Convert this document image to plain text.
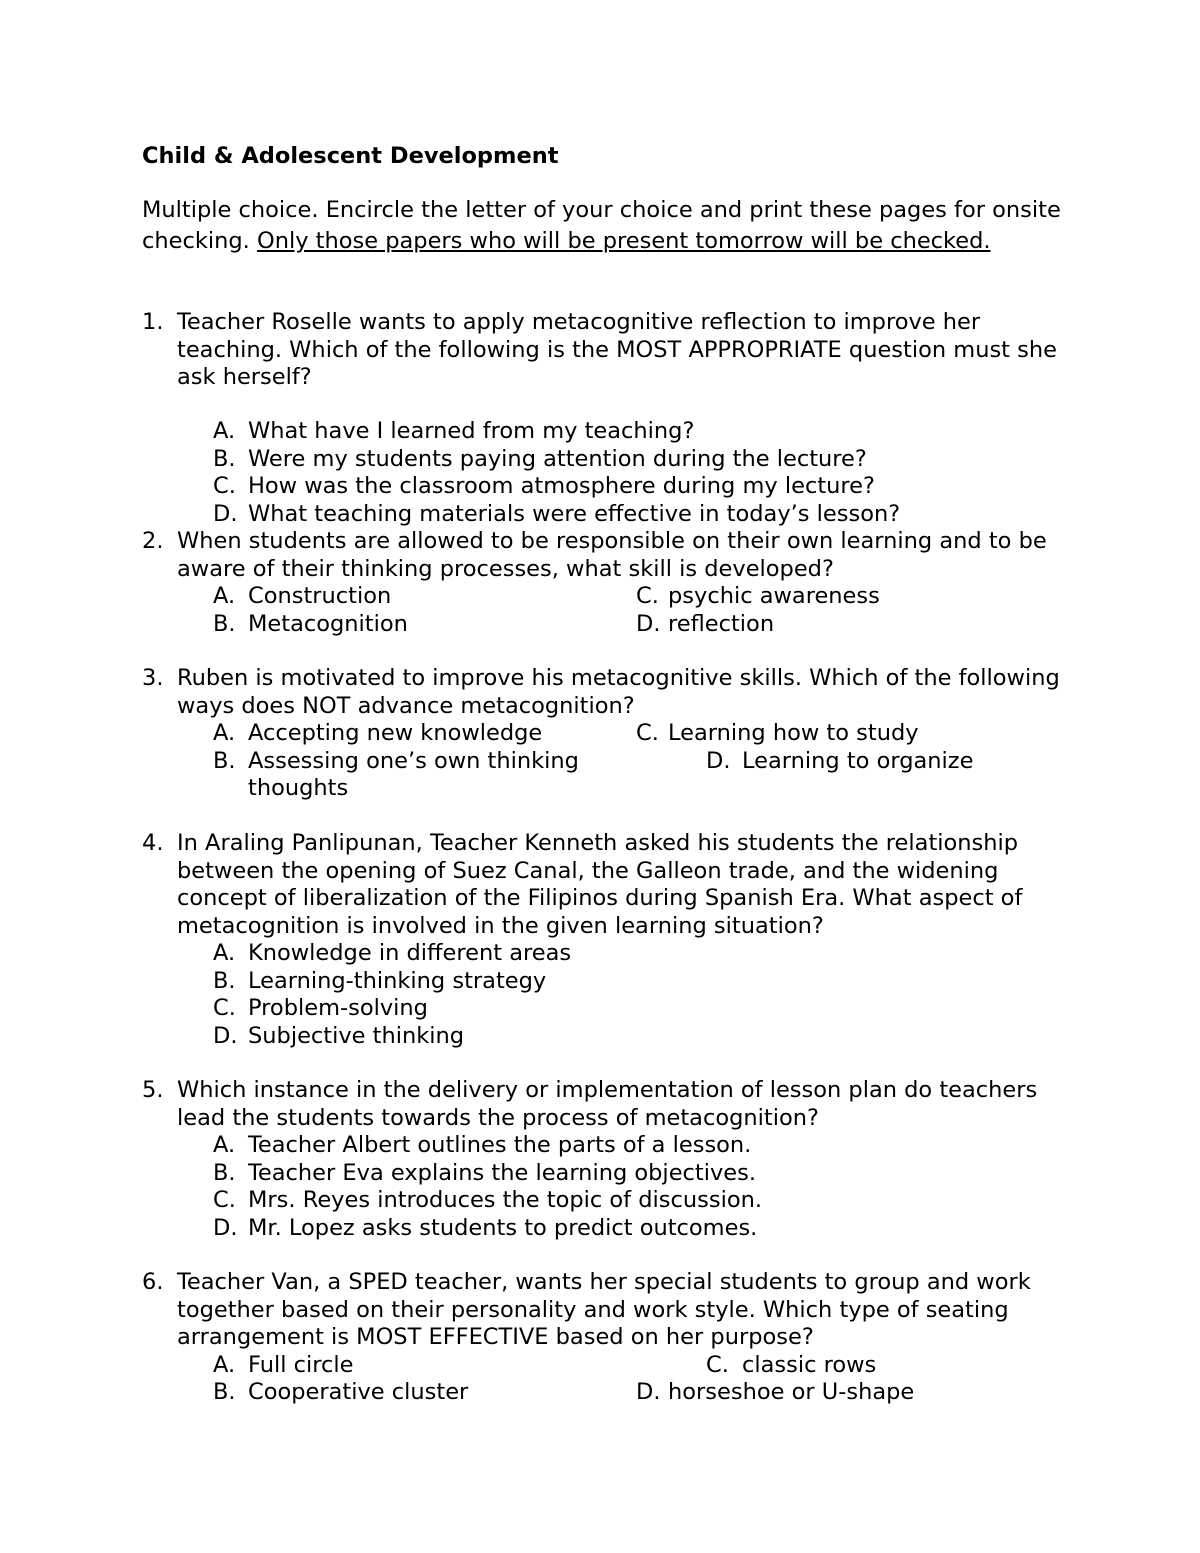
Child & Adolescent Development
Multiple choice. Encircle the letter of your choice and print these pages for onsite checking. Only those papers who will be present tomorrow will be checked.
1. Teacher Roselle wants to apply metacognitive reflection to improve her teaching. Which of the following is the MOST APPROPRIATE question must she ask herself?
A. What have I learned from my teaching?
B. Were my students paying attention during the lecture?
C. How was the classroom atmosphere during my lecture?
D. What teaching materials were effective in today’s lesson?
2. When students are allowed to be responsible on their own learning and to be aware of their thinking processes, what skill is developed?
A. Construction	C. psychic awareness
B. Metacognition	D. reflection
3. Ruben is motivated to improve his metacognitive skills. Which of the following ways does NOT advance metacognition?
A. Accepting new knowledge	C. Learning how to study
B. Assessing one’s own thinking	D. Learning to organize
thoughts
4. In Araling Panlipunan, Teacher Kenneth asked his students the relationship between the opening of Suez Canal, the Galleon trade, and the widening concept of liberalization of the Filipinos during Spanish Era. What aspect of metacognition is involved in the given learning situation?
A. Knowledge in different areas
B. Learning-thinking strategy
C. Problem-solving
D. Subjective thinking
5. Which instance in the delivery or implementation of lesson plan do teachers lead the students towards the process of metacognition?
A. Teacher Albert outlines the parts of a lesson.
B. Teacher Eva explains the learning objectives.
C. Mrs. Reyes introduces the topic of discussion.
D. Mr. Lopez asks students to predict outcomes.
6. Teacher Van, a SPED teacher, wants her special students to group and work together based on their personality and work style. Which type of seating arrangement is MOST EFFECTIVE based on her purpose?
A. Full circle	C. classic rows
B. Cooperative cluster	D. horseshoe or U-shape
